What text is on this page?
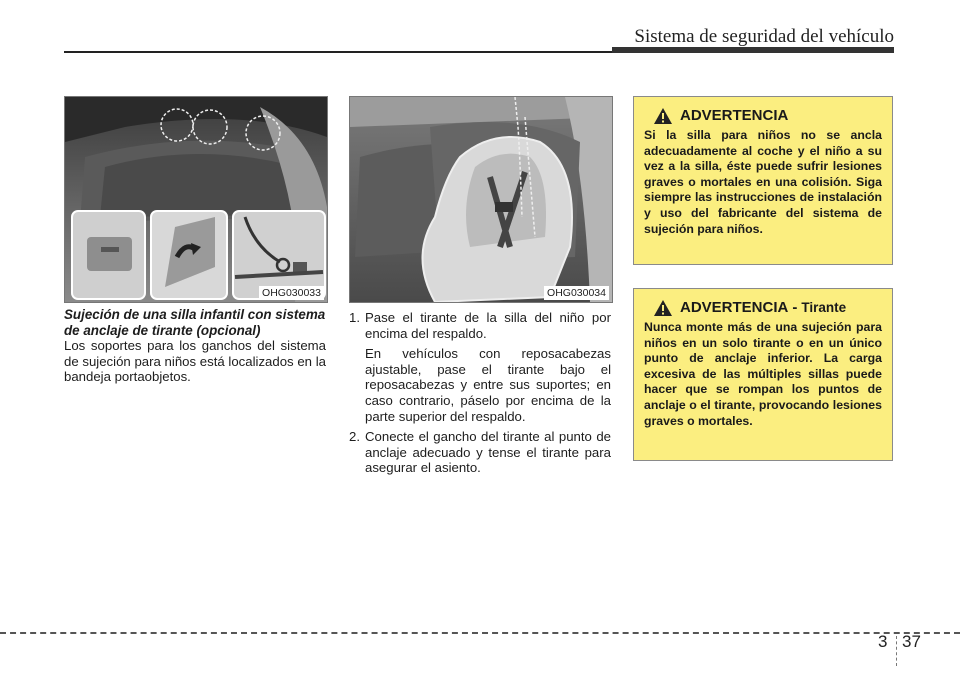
Sistema de seguridad del vehículo
OHG030033	OHG030034
Sujeción de una silla infantil con sistema de anclaje de tirante (opcional)
Los soportes para los ganchos del sistema de sujeción para niños está localizados en la bandeja portaobjetos.
1. Pase el tirante de la silla del niño por encima del respaldo.
En vehículos con reposacabezas ajustable, pase el tirante bajo el reposacabezas y entre sus suportes; en caso contrario, páselo por encima de la parte superior del respaldo.
2. Conecte el gancho del tirante al punto de anclaje adecuado y tense el tirante para asegurar el asiento.
ADVERTENCIA
Si la silla para niños no se ancla adecuadamente al coche y el niño a su vez a la silla, éste puede sufrir lesiones graves o mortales en una colisión. Siga siempre las instrucciones de instalación y uso del fabricante del sistema de sujeción para niños.
ADVERTENCIA - Tirante
Nunca monte más de una sujeción para niños en un solo tirante o en un único punto de anclaje inferior. La carga excesiva de las múltiples sillas puede hacer que se rompan los puntos de anclaje o el tirante, provocando lesiones graves o mortales.
3 37
